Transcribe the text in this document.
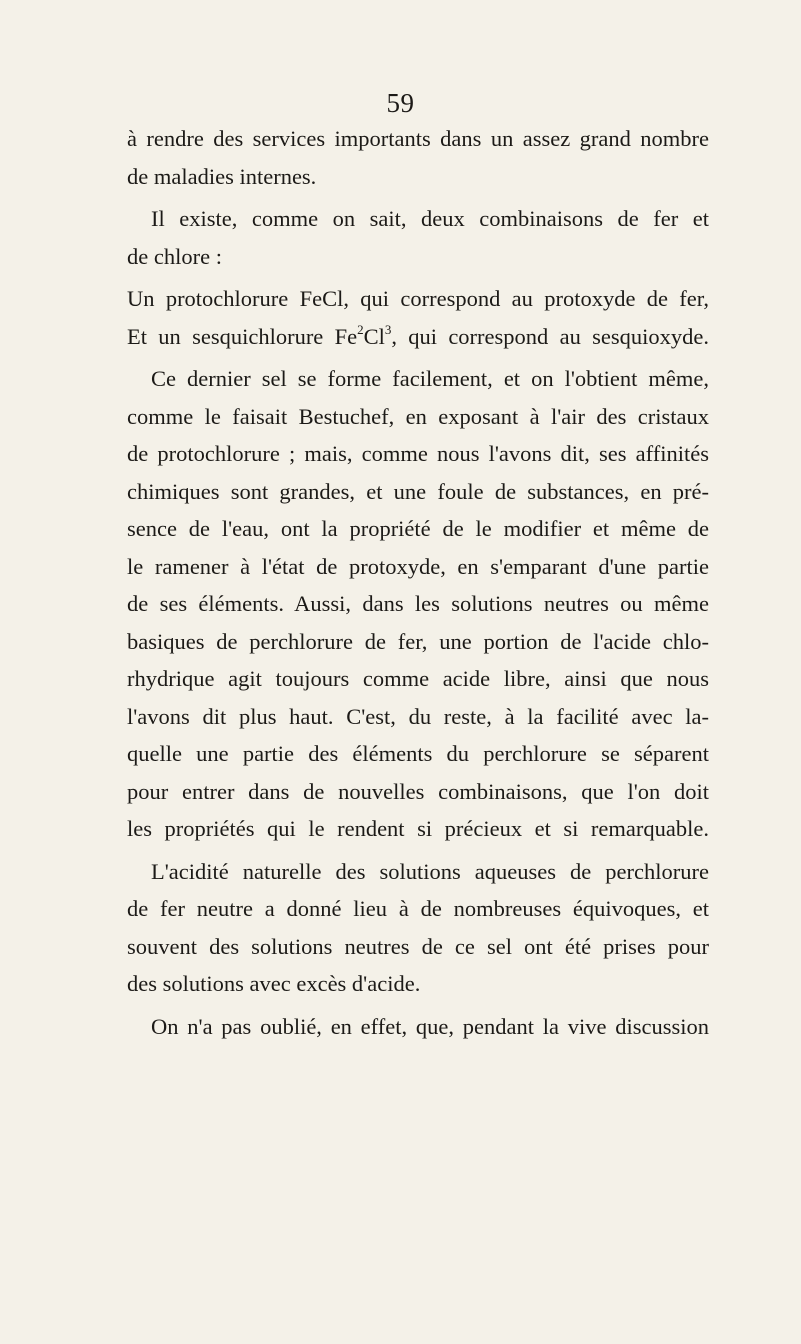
59
à rendre des services importants dans un assez grand nombre
de maladies internes.
Il existe, comme on sait, deux combinaisons de fer et
de chlore :
Un protochlorure FeCl, qui correspond au protoxyde de fer,
Et un sesquichlorure Fe$^2$Cl$^3$, qui correspond au sesquioxyde.
Ce dernier sel se forme facilement, et on l'obtient même,
comme le faisait Bestuchef, en exposant à l'air des cristaux
de protochlorure ; mais, comme nous l'avons dit, ses affinités
chimiques sont grandes, et une foule de substances, en pré-
sence de l'eau, ont la propriété de le modifier et même de
le ramener à l'état de protoxyde, en s'emparant d'une partie
de ses éléments. Aussi, dans les solutions neutres ou même
basiques de perchlorure de fer, une portion de l'acide chlo-
rhydrique agit toujours comme acide libre, ainsi que nous
l'avons dit plus haut. C'est, du reste, à la facilité avec la-
quelle une partie des éléments du perchlorure se séparent
pour entrer dans de nouvelles combinaisons, que l'on doit
les propriétés qui le rendent si précieux et si remarquable.
L'acidité naturelle des solutions aqueuses de perchlorure
de fer neutre a donné lieu à de nombreuses équivoques, et
souvent des solutions neutres de ce sel ont été prises pour
des solutions avec excès d'acide.
On n'a pas oublié, en effet, que, pendant la vive discussion
